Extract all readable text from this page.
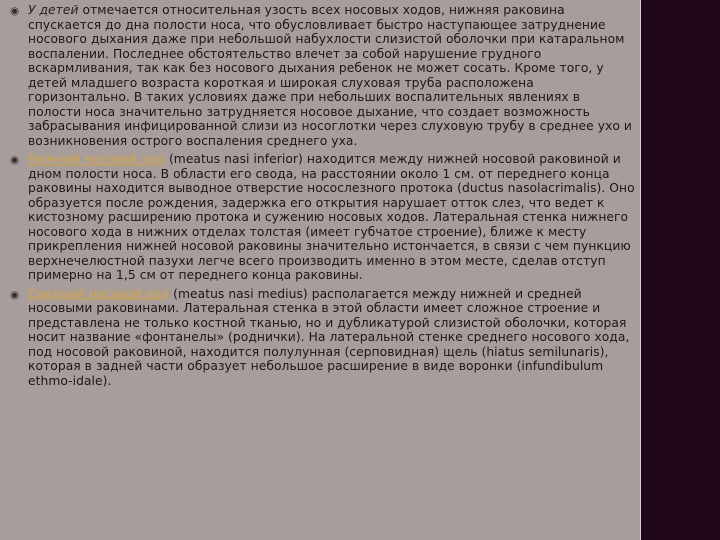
◉ У детей отмечается относительная узость всех носовых ходов, нижняя раковина спускается до дна полости носа, что обусловливает быстро наступающее затруднение носового дыхания даже при небольшой набухлости слизистой оболочки при катаральном воспалении. Последнее обстоятельство влечет за собой нарушение грудного вскармливания, так как без носового дыхания ребенок не может сосать. Кроме того, у детей младшего возраста короткая и широкая слуховая труба расположена горизонтально. В таких условиях даже при небольших воспалительных явлениях в полости носа значительно затрудняется носовое дыхание, что создает возможность забрасывания инфицированной слизи из носоглотки через слуховую трубу в среднее ухо и возникновения острого воспаления среднего уха.

◉ Нижний носовой ход (meatus nasi inferior) находится между нижней носовой раковиной и дном полости носа. В области его свода, на расстоянии около 1 см. от переднего конца раковины находится выводное отверстие носослезного протока (ductus nasolacrimalis). Оно образуется после рождения, задержка его открытия нарушает отток слез, что ведет к кистозному расширению протока и сужению носовых ходов. Латеральная стенка нижнего носового хода в нижних отделах толстая (имеет губчатое строение), ближе к месту прикрепления нижней носовой раковины значительно истончается, в связи с чем пункцию верхнечелюстной пазухи легче всего производить именно в этом месте, сделав отступ примерно на 1,5 см от переднего конца раковины.

◉ Средний носовой ход (meatus nasi medius) располагается между нижней и средней носовыми раковинами. Латеральная стенка в этой области имеет сложное строение и представлена не только костной тканью, но и дубликатурой слизистой оболочки, которая носит название «фонтанелы» (роднички). На латеральной стенке среднего носового хода, под носовой раковиной, находится полулунная (серповидная) щель (hiatus semilunaris), которая в задней части образует небольшое расширение в виде воронки (infundibulum ethmo-idale).
